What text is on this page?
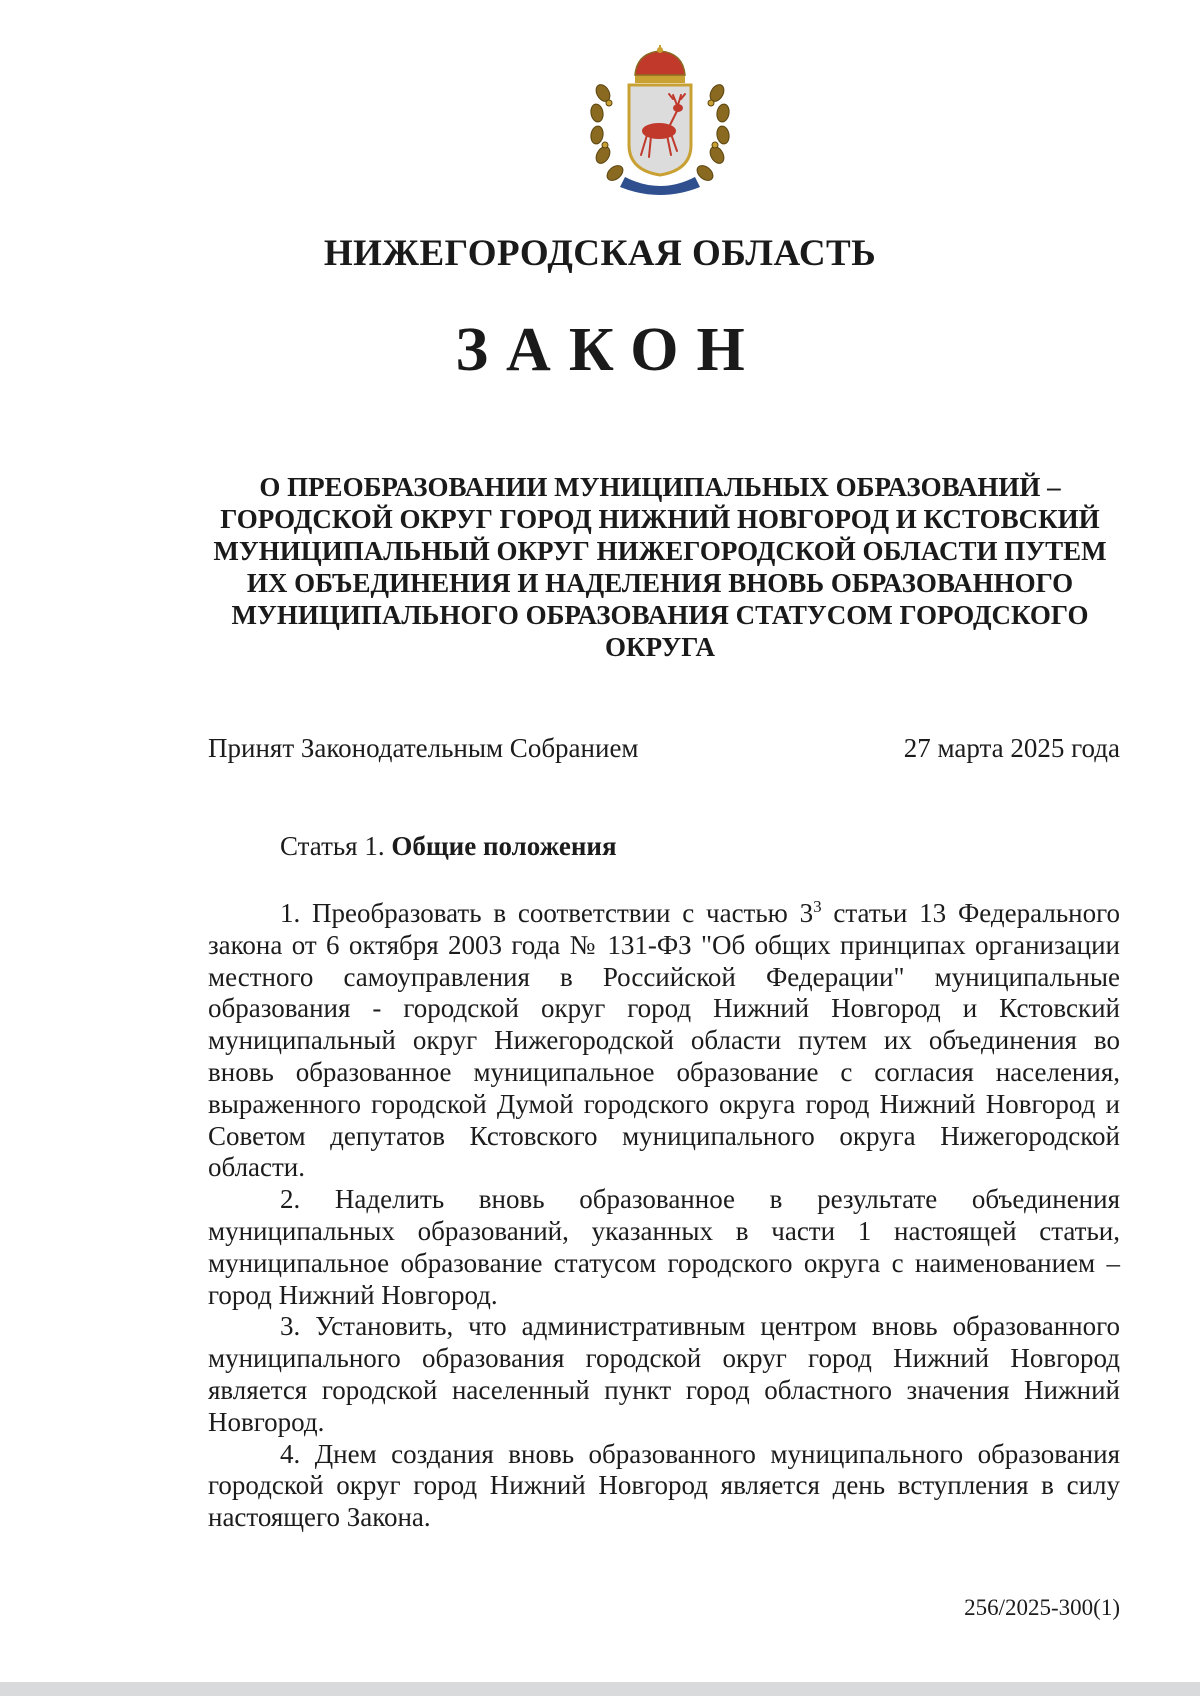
НИЖЕГОРОДСКАЯ ОБЛАСТЬ
ЗАКОН
О ПРЕОБРАЗОВАНИИ МУНИЦИПАЛЬНЫХ ОБРАЗОВАНИЙ – ГОРОДСКОЙ ОКРУГ ГОРОД НИЖНИЙ НОВГОРОД И КСТОВСКИЙ МУНИЦИПАЛЬНЫЙ ОКРУГ НИЖЕГОРОДСКОЙ ОБЛАСТИ ПУТЕМ ИХ ОБЪЕДИНЕНИЯ И НАДЕЛЕНИЯ ВНОВЬ ОБРАЗОВАННОГО МУНИЦИПАЛЬНОГО ОБРАЗОВАНИЯ СТАТУСОМ ГОРОДСКОГО ОКРУГА
Принят Законодательным Собранием	27 марта 2025 года
Статья 1. Общие положения

1. Преобразовать в соответствии с частью $3^3$ статьи 13 Федерального закона от 6 октября 2003 года № 131-ФЗ "Об общих принципах организации местного самоуправления в Российской Федерации" муниципальные образования - городской округ город Нижний Новгород и Кстовский муниципальный округ Нижегородской области путем их объединения во вновь образованное муниципальное образование с согласия населения, выраженного городской Думой городского округа город Нижний Новгород и Советом депутатов Кстовского муниципального округа Нижегородской области.

2. Наделить вновь образованное в результате объединения муниципальных образований, указанных в части 1 настоящей статьи, муниципальное образование статусом городского округа с наименованием – город Нижний Новгород.

3. Установить, что административным центром вновь образованного муниципального образования городской округ город Нижний Новгород является городской населенный пункт город областного значения Нижний Новгород.

4. Днем создания вновь образованного муниципального образования городской округ город Нижний Новгород является день вступления в силу настоящего Закона.

256/2025-300(1)
